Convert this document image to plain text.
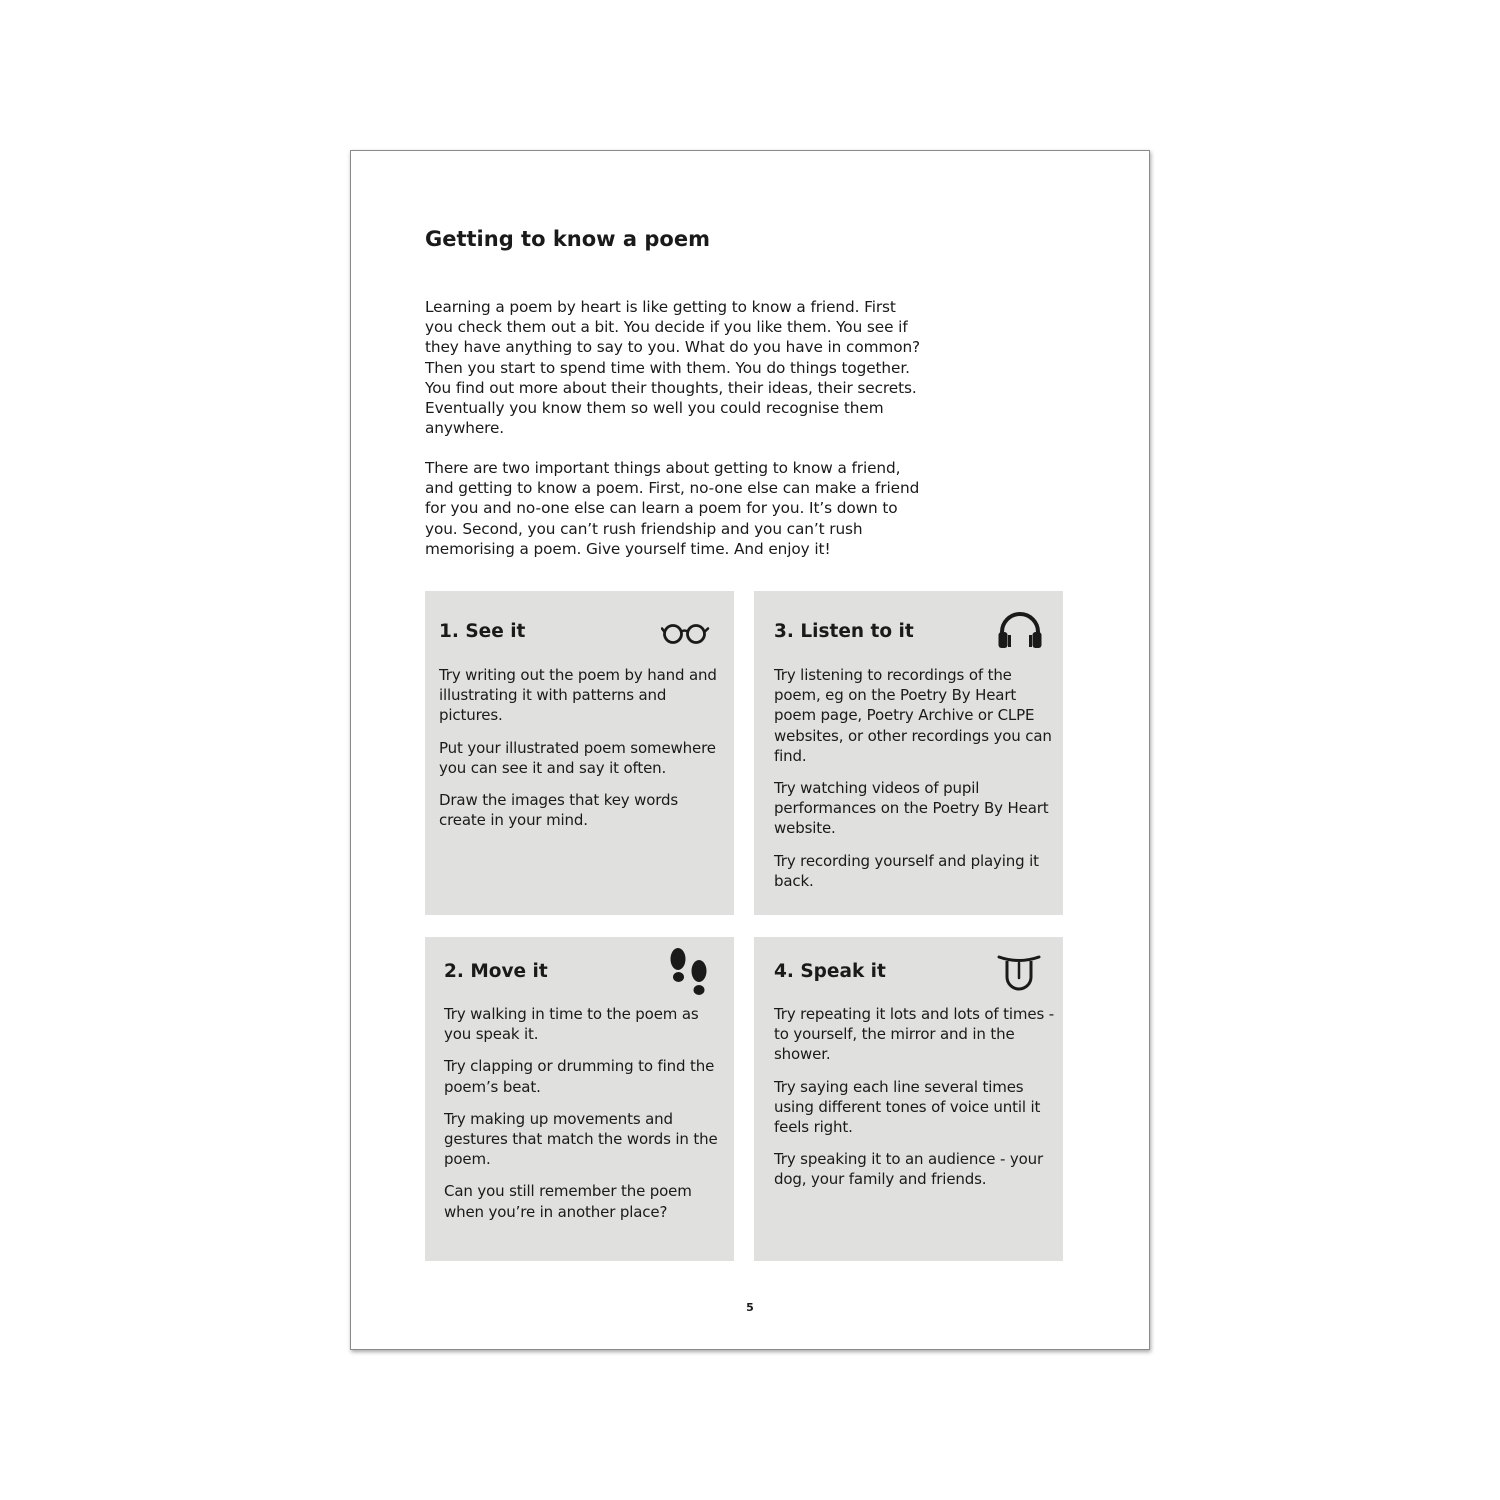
Getting to know a poem

Learning a poem by heart is like getting to know a friend. First you check them out a bit. You decide if you like them. You see if they have anything to say to you. What do you have in common? Then you start to spend time with them. You do things together. You find out more about their thoughts, their ideas, their secrets. Eventually you know them so well you could recognise them anywhere.

There are two important things about getting to know a friend, and getting to know a poem. First, no-one else can make a friend for you and no-one else can learn a poem for you. It’s down to you. Second, you can’t rush friendship and you can’t rush memorising a poem. Give yourself time. And enjoy it!

1. See it

Try writing out the poem by hand and illustrating it with patterns and pictures.

Put your illustrated poem somewhere you can see it and say it often.

Draw the images that key words create in your mind.

3. Listen to it

Try listening to recordings of the poem, eg on the Poetry By Heart poem page, Poetry Archive or CLPE websites, or other recordings you can find.

Try watching videos of pupil performances on the Poetry By Heart website.

Try recording yourself and playing it back.

2. Move it

Try walking in time to the poem as you speak it.

Try clapping or drumming to find the poem’s beat.

Try making up movements and gestures that match the words in the poem.

Can you still remember the poem when you’re in another place?

4. Speak it

Try repeating it lots and lots of times - to yourself, the mirror and in the shower.

Try saying each line several times using different tones of voice until it feels right.

Try speaking it to an audience - your dog, your family and friends.

5
